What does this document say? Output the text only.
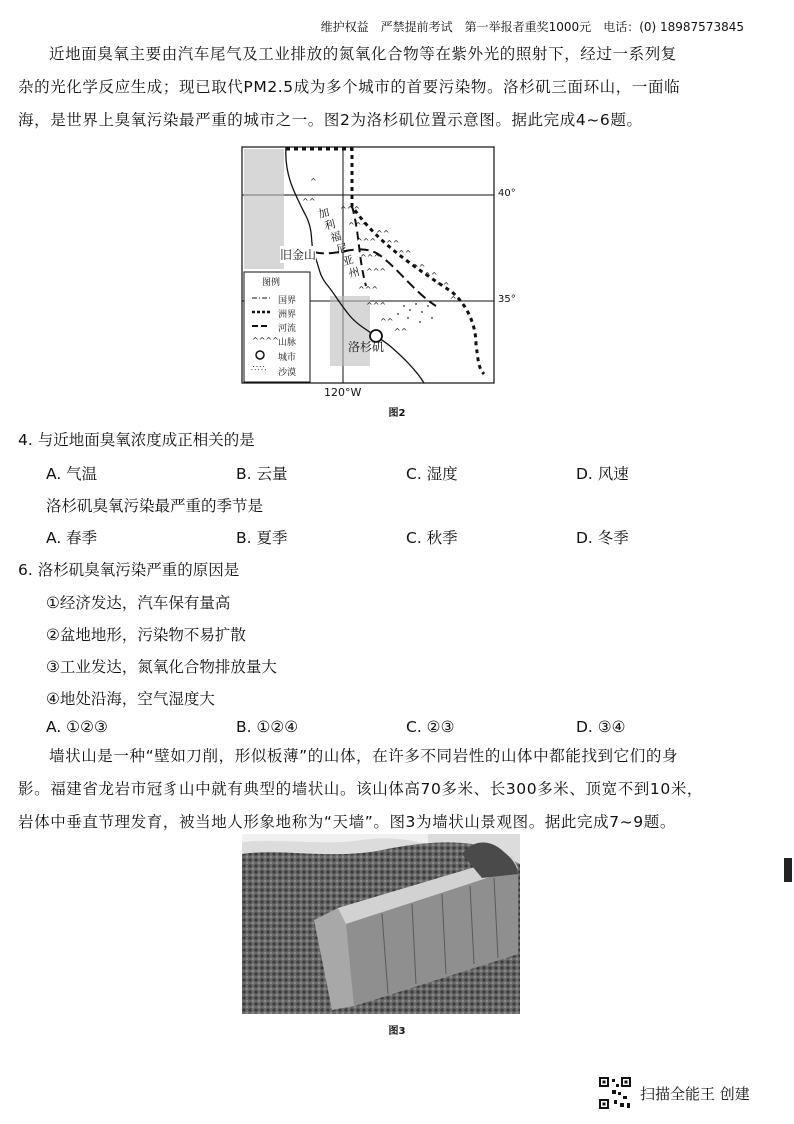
维护权益　严禁提前考试　第一举报者重奖1000元　电话：(0) 18987573845

近地面臭氧主要由汽车尾气及工业排放的氮氧化合物等在紫外光的照射下，经过一系列复

杂的光化学反应生成；现已取代PM2.5成为多个城市的首要污染物。洛杉矶三面环山，一面临

海，是世界上臭氧污染最严重的城市之一。图2为洛杉矶位置示意图。据此完成4~6题。

^^^
^^^
^^^
^^^
^^^
^^
^^
^^
^^
^^
^^
^^^
^^^
^^
^^
^
^^
^
^^^^
∴∵∴
40°
35°
旧金山
洛杉矶
加
利
福
尼
亚
州
图例
国界
洲界
河流
山脉
城市
沙漠
120°W
图2
4. 与近地面臭氧浓度成正相关的是
A. 气温	B. 云量	C. 湿度	D. 风速
洛杉矶臭氧污染最严重的季节是
A. 春季	B. 夏季	C. 秋季	D. 冬季
6. 洛杉矶臭氧污染严重的原因是
①经济发达，汽车保有量高
②盆地地形，污染物不易扩散
③工业发达，氮氧化合物排放量大
④地处沿海，空气湿度大
A. ①②③	B. ①②④	C. ②③	D. ③④

墙状山是一种“壁如刀削，形似板薄”的山体，在许多不同岩性的山体中都能找到它们的身

影。福建省龙岩市冠豸山中就有典型的墙状山。该山体高70多米、长300多米、顶宽不到10米，

岩体中垂直节理发育，被当地人形象地称为“天墙”。图3为墙状山景观图。据此完成7~9题。

图3
扫描全能王 创建
